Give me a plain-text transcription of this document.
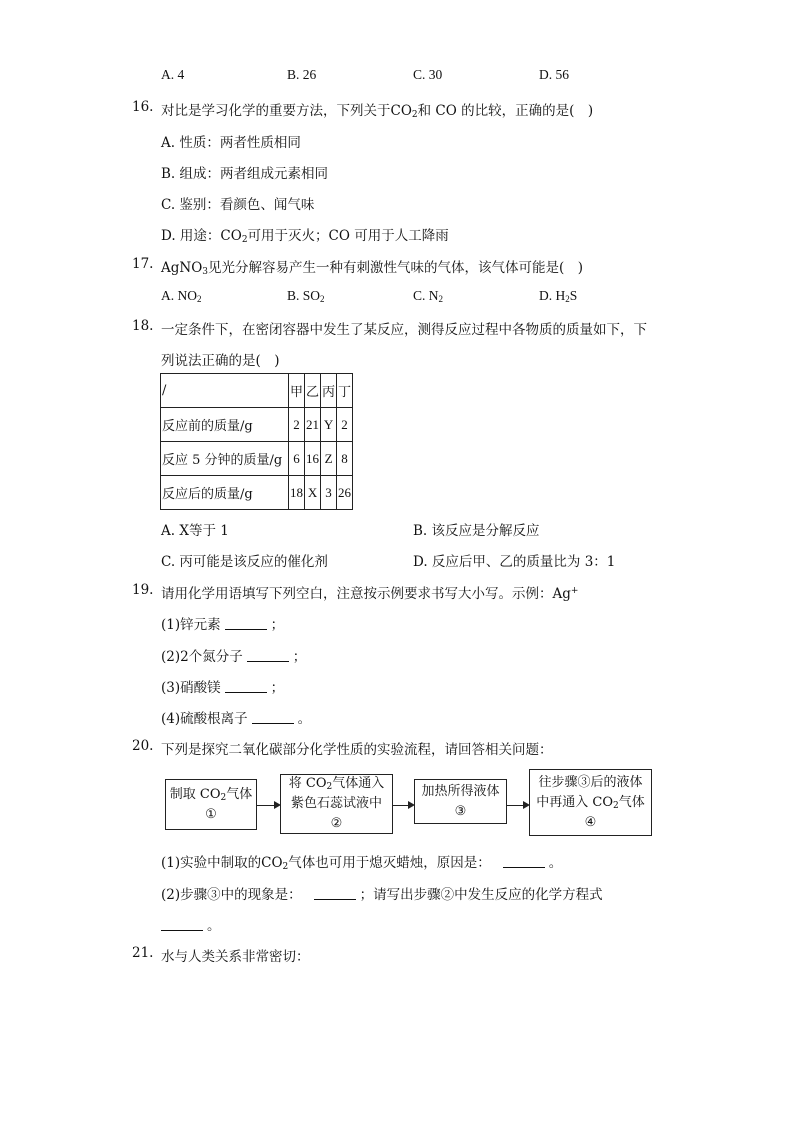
A. 4	B. 26	C. 30	D. 56
16. 对比是学习化学的重要方法，下列关于$CO_2$和 CO 的比较，正确的是(　)
A. 性质：两者性质相同
B. 组成：两者组成元素相同
C. 鉴别：看颜色、闻气味
D. 用途：$CO_2$可用于灭火；CO 可用于人工降雨
17. AgNO$_3$见光分解容易产生一种有刺激性气味的气体，该气体可能是(　)
A. $NO_2$	B. $SO_2$	C. $N_2$	D. $H_2S$
18. 一定条件下，在密闭容器中发生了某反应，测得反应过程中各物质的质量如下，下
列说法正确的是(　)
/	甲	乙	丙	丁
反应前的质量/g	2	21	Y	2
反应 5 分钟的质量/g	6	16	Z	8
反应后的质量/g	18	X	3	26
A. X等于 1	B. 该反应是分解反应
C. 丙可能是该反应的催化剂	D. 反应后甲、乙的质量比为 3：1
19. 请用化学用语填写下列空白，注意按示例要求书写大小写。示例：Ag+
(1)锌元素	；
(2)2个氮分子	；
(3)硝酸镁	；
(4)硫酸根离子	。
20. 下列是探究二氧化碳部分化学性质的实验流程，请回答相关问题：
制取 $CO_2$气体
①
将 $CO_2$气体通入
紫色石蕊试液中
②
加热所得液体
③
往步骤③后的液体
中再通入 $CO_2$气体
④
(1)实验中制取的$CO_2$气体也可用于熄灭蜡烛，原因是：	。
(2)步骤③中的现象是：	；请写出步骤②中发生反应的化学方程式
。
21. 水与人类关系非常密切：
